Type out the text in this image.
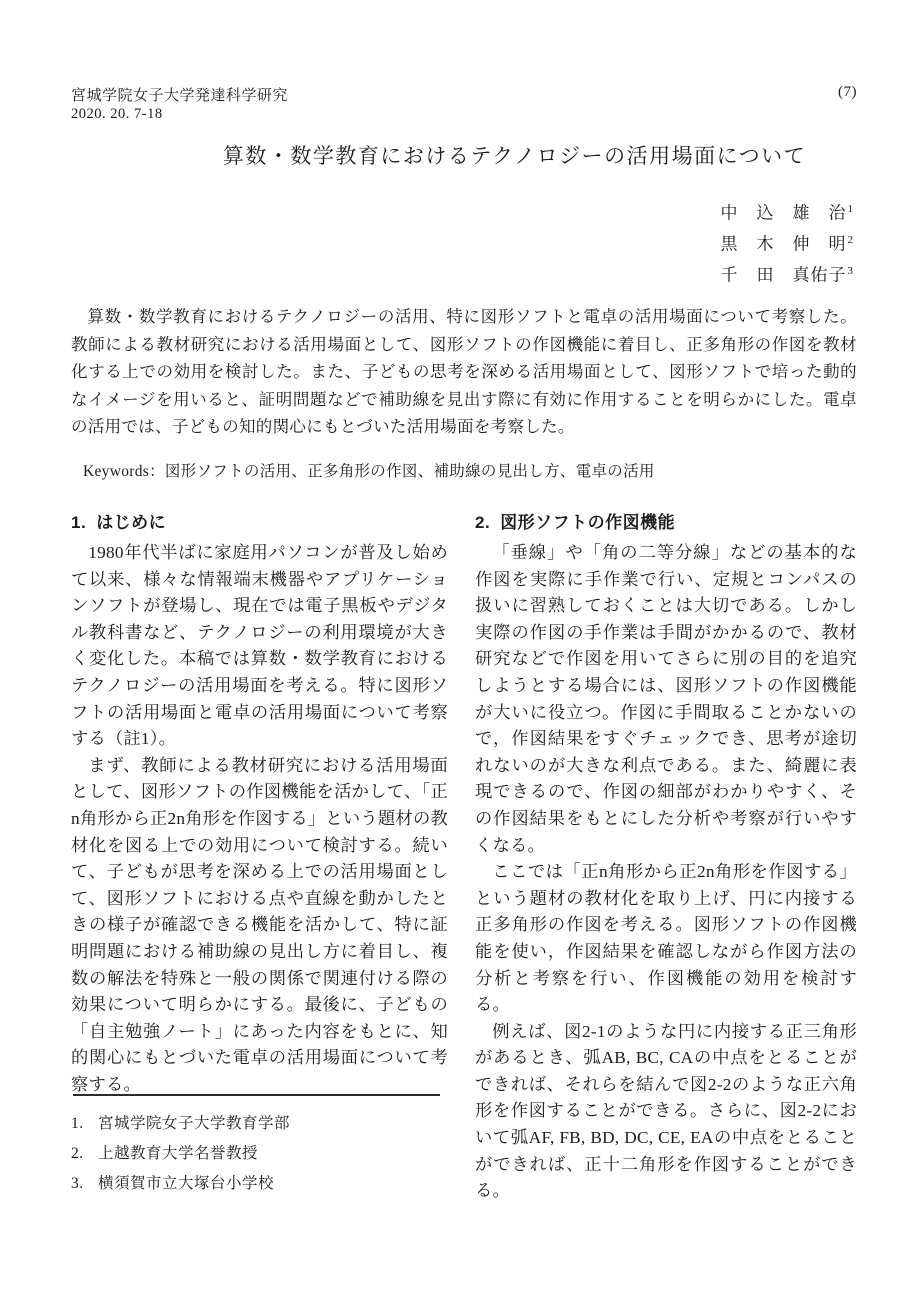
宮城学院女子大学発達科学研究	(7)
2020. 20. 7-18
算数・数学教育におけるテクノロジーの活用場面について
中　込　雄　治$^1$
黒　木　伸　明$^2$
千　田　真佑子$^3$
算数・数学教育におけるテクノロジーの活用、特に図形ソフトと電卓の活用場面について考察した。教師による教材研究における活用場面として、図形ソフトの作図機能に着目し、正多角形の作図を教材化する上での効用を検討した。また、子どもの思考を深める活用場面として、図形ソフトで培った動的なイメージを用いると、証明問題などで補助線を見出す際に有効に作用することを明らかにした。電卓の活用では、子どもの知的関心にもとづいた活用場面を考察した。
Keywords：図形ソフトの活用、正多角形の作図、補助線の見出し方、電卓の活用
1. はじめに

1980年代半ばに家庭用パソコンが普及し始めて以来、様々な情報端末機器やアプリケーションソフトが登場し、現在では電子黒板やデジタル教科書など、テクノロジーの利用環境が大きく変化した。本稿では算数・数学教育におけるテクノロジーの活用場面を考える。特に図形ソフトの活用場面と電卓の活用場面について考察する（註1）。

まず、教師による教材研究における活用場面として、図形ソフトの作図機能を活かして、「正n角形から正2n角形を作図する」という題材の教材化を図る上での効用について検討する。続いて、子どもが思考を深める上での活用場面として、図形ソフトにおける点や直線を動かしたときの様子が確認できる機能を活かして、特に証明問題における補助線の見出し方に着目し、複数の解法を特殊と一般の関係で関連付ける際の効果について明らかにする。最後に、子どもの「自主勉強ノート」にあった内容をもとに、知的関心にもとづいた電卓の活用場面について考察する。

2. 図形ソフトの作図機能

「垂線」や「角の二等分線」などの基本的な作図を実際に手作業で行い、定規とコンパスの扱いに習熟しておくことは大切である。しかし実際の作図の手作業は手間がかかるので、教材研究などで作図を用いてさらに別の目的を追究しようとする場合には、図形ソフトの作図機能が大いに役立つ。作図に手間取ることかないので，作図結果をすぐチェックでき、思考が途切れないのが大きな利点である。また、綺麗に表現できるので、作図の細部がわかりやすく、その作図結果をもとにした分析や考察が行いやすくなる。

ここでは「正n角形から正2n角形を作図する」という題材の教材化を取り上げ、円に内接する正多角形の作図を考える。図形ソフトの作図機能を使い，作図結果を確認しながら作図方法の分析と考察を行い、作図機能の効用を検討する。

例えば、図2-1のような円に内接する正三角形があるとき、弧AB, BC, CAの中点をとることができれば、それらを結んで図2-2のような正六角形を作図することができる。さらに、図2-2において弧AF, FB, BD, DC, CE, EAの中点をとることができれば、正十二角形を作図することができる。

1. 宮城学院女子大学教育学部
2. 上越教育大学名誉教授
3. 横須賀市立大塚台小学校
